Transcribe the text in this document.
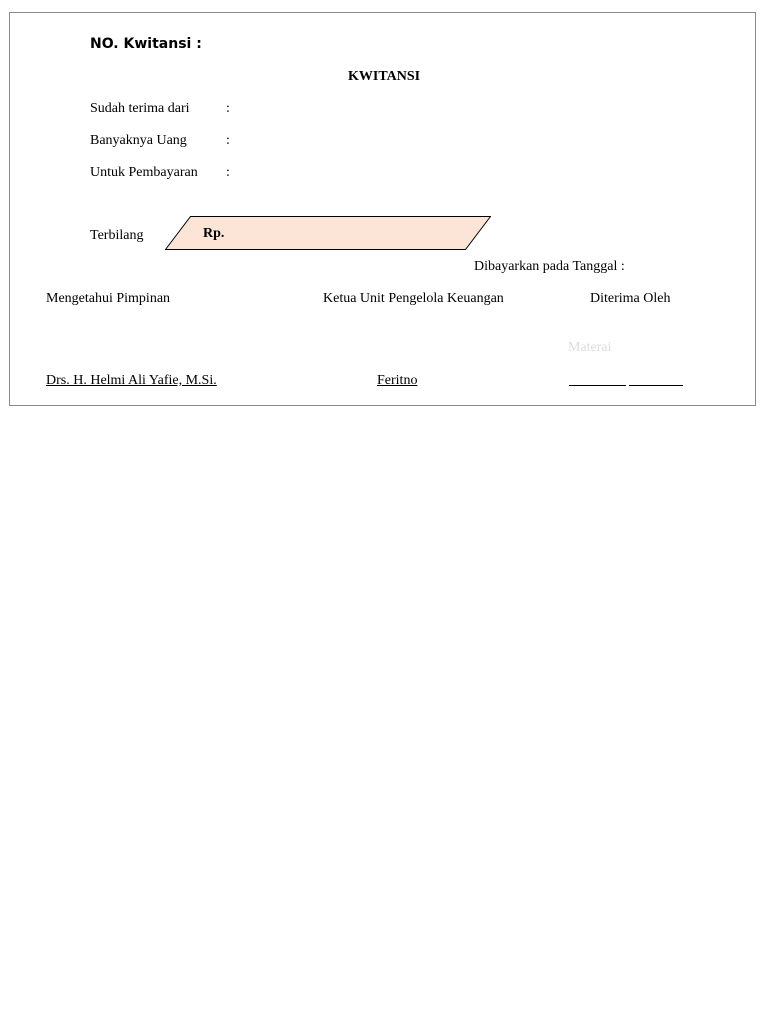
NO. Kwitansi :
KWITANSI
Sudah terima dari	:
Banyaknya Uang	:
Untuk Pembayaran :
Terbilang	Rp.
Dibayarkan pada Tanggal :
Mengetahui Pimpinan	Ketua Unit Pengelola Keuangan	Diterima Oleh
Materai
Drs. H. Helmi Ali Yafie, M.Si.	Feritno
